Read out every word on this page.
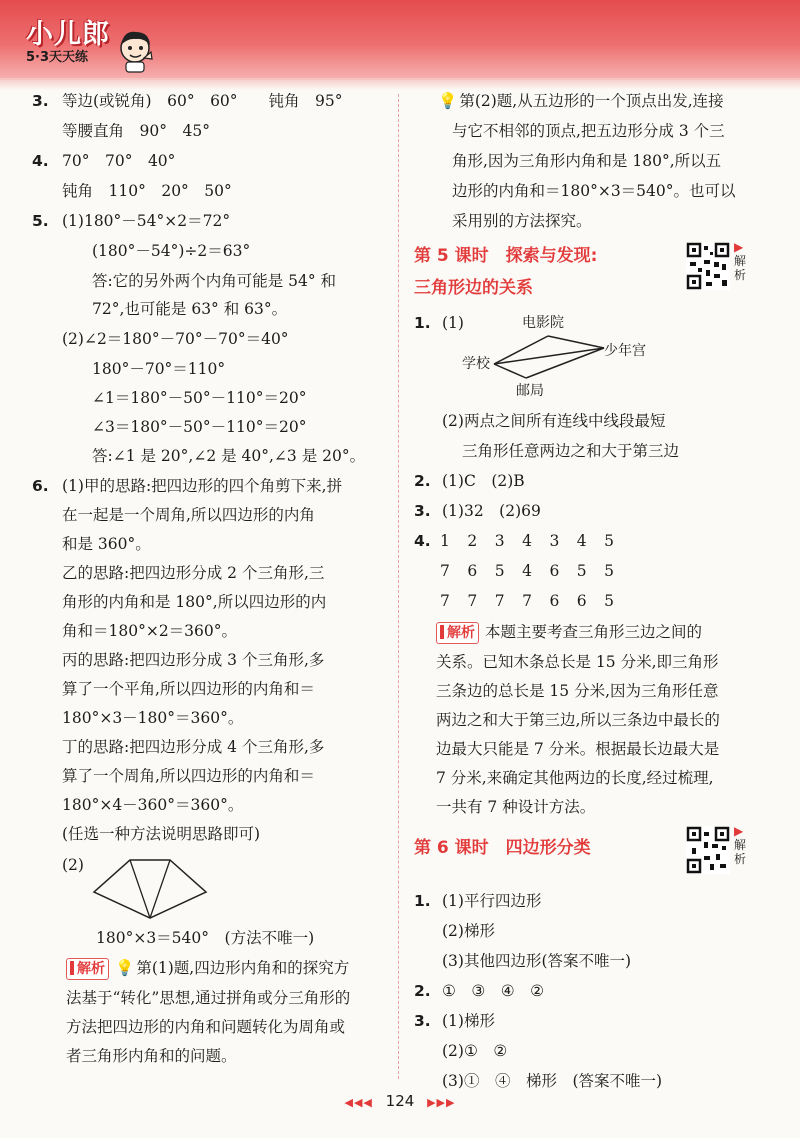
小儿郎
5·3天天练
3. 等边(或锐角)　60°　60°　　钝角　95°
等腰直角　90°　45°
4. 70°　70°　40°
钝角　110°　20°　50°
5. (1)180°－54°×2＝72°
(180°－54°)÷2＝63°
答:它的另外两个内角可能是 54° 和
72°,也可能是 63° 和 63°。
(2)∠2＝180°－70°－70°＝40°
180°－70°＝110°
∠1＝180°－50°－110°＝20°
∠3＝180°－50°－110°＝20°
答:∠1 是 20°,∠2 是 40°,∠3 是 20°。
6. (1)甲的思路:把四边形的四个角剪下来,拼
在一起是一个周角,所以四边形的内角
和是 360°。
乙的思路:把四边形分成 2 个三角形,三
角形的内角和是 180°,所以四边形的内
角和＝180°×2＝360°。
丙的思路:把四边形分成 3 个三角形,多
算了一个平角,所以四边形的内角和＝
180°×3－180°＝360°。
丁的思路:把四边形分成 4 个三角形,多
算了一个周角,所以四边形的内角和＝
180°×4－360°＝360°。
(任选一种方法说明思路即可)
(2)
180°×3＝540°　(方法不唯一)
解析 💡 第(1)题,四边形内角和的探究方
法基于“转化”思想,通过拼角或分三角形的
方法把四边形的内角和问题转化为周角或
者三角形内角和的问题。
💡 第(2)题,从五边形的一个顶点出发,连接
与它不相邻的顶点,把五边形分成 3 个三
角形,因为三角形内角和是 180°,所以五
边形的内角和＝180°×3＝540°。也可以
采用别的方法探究。
第 5 课时　探索与发现:
三角形边的关系
▶
解析
1. (1)	电影院
少年宫
学校
邮局
(2)两点之间所有连线中线段最短
三角形任意两边之和大于第三边
2. (1)C　(2)B
3. (1)32　(2)69
4. 1　2　3　4　3　4　5
7　6　5　4　6　5　5
7　7　7　7　6　6　5
解析 本题主要考查三角形三边之间的
关系。已知木条总长是 15 分米,即三角形
三条边的总长是 15 分米,因为三角形任意
两边之和大于第三边,所以三条边中最长的
边最大只能是 7 分米。根据最长边最大是
7 分米,来确定其他两边的长度,经过梳理,
一共有 7 种设计方法。
第 6 课时　四边形分类
▶
解析
1. (1)平行四边形
(2)梯形
(3)其他四边形(答案不唯一)
2. ①　③　④　②
3. (1)梯形
(2)①　②
(3)①　④　梯形　(答案不唯一)
◀◀◀ 124 ▶▶▶
